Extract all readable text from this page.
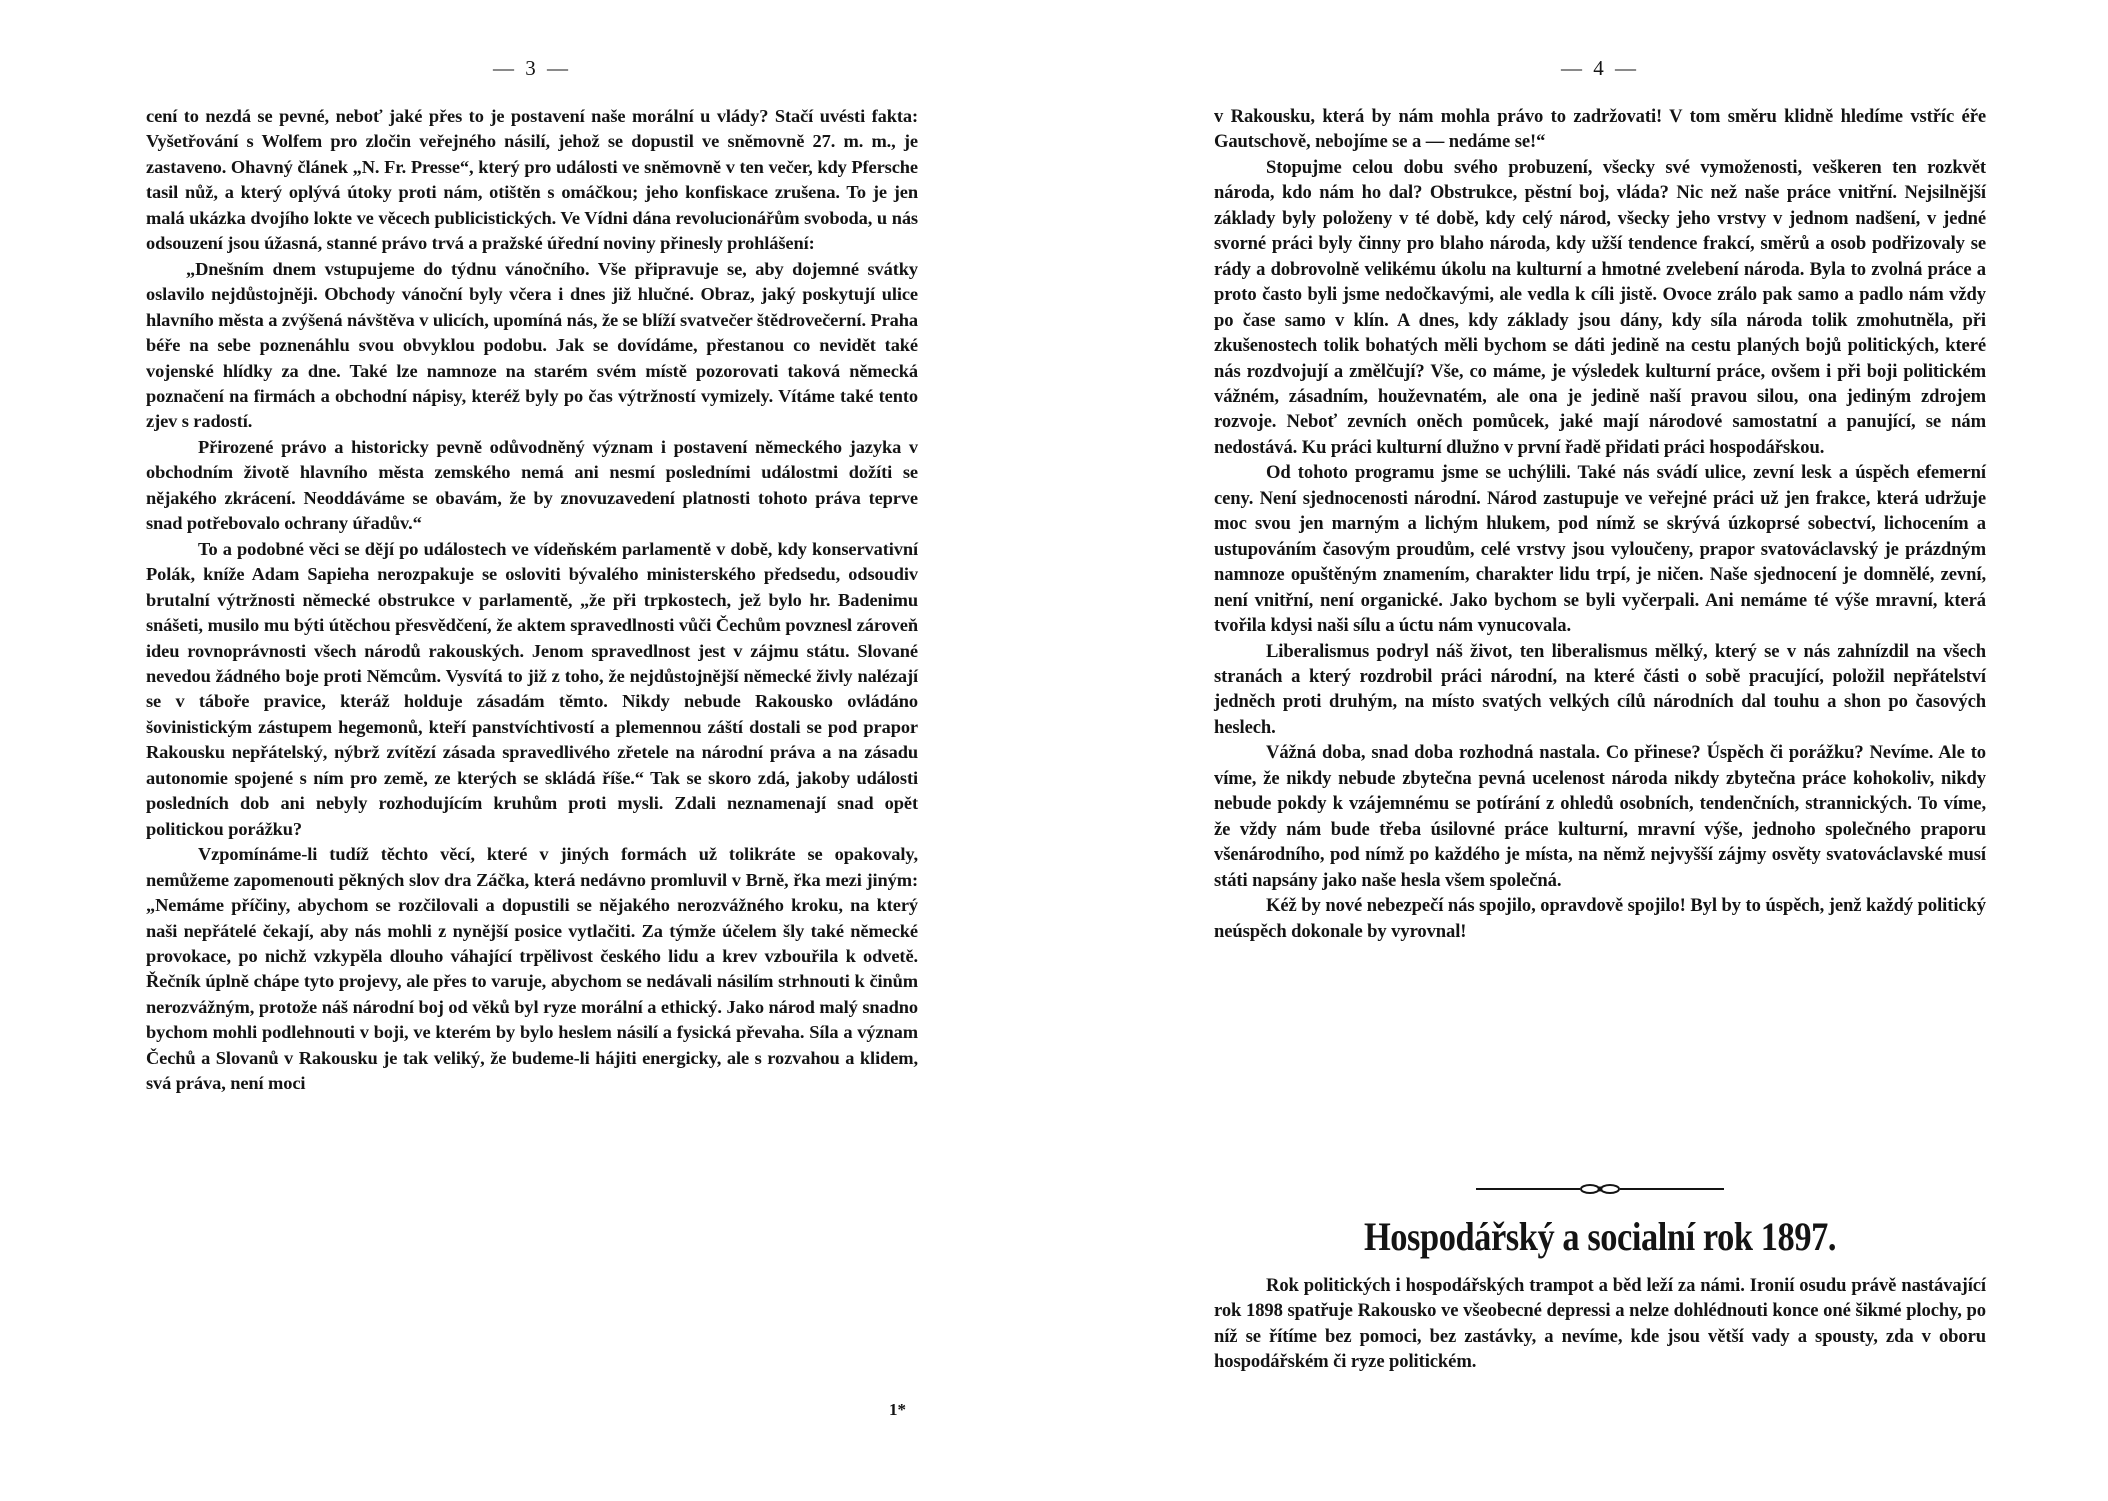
— 3 —

cení to nezdá se pevné, neboť jaké přes to je postavení naše morální u vlády? Stačí uvésti fakta: Vyšetřování s Wolfem pro zločin veřejného násilí, jehož se dopustil ve sněmovně 27. m. m., je zastaveno. Ohavný článek „N. Fr. Presse“, který pro události ve sněmovně v ten večer, kdy Pfersche tasil nůž, a který oplývá útoky proti nám, otištěn s omáčkou; jeho konfiskace zrušena. To je jen malá ukázka dvojího lokte ve věcech publicistických. Ve Vídni dána revolucionářům svoboda, u nás odsouzení jsou úžasná, stanné právo trvá a pražské úřední noviny přinesly prohlášení:

„Dnešním dnem vstupujeme do týdnu vánočního. Vše připravuje se, aby dojemné svátky oslavilo nejdůstojněji. Obchody vánoční byly včera i dnes již hlučné. Obraz, jaký poskytují ulice hlavního města a zvýšená návštěva v ulicích, upomíná nás, že se blíží svatvečer štědrovečerní. Praha béře na sebe poznenáhlu svou obvyklou podobu. Jak se dovídáme, přestanou co nevidět také vojenské hlídky za dne. Také lze namnoze na starém svém místě pozorovati taková německá poznačení na firmách a obchodní nápisy, kteréž byly po čas výtržností vymizely. Vítáme také tento zjev s radostí.

Přirozené právo a historicky pevně odůvodněný význam i postavení německého jazyka v obchodním životě hlavního města zemského nemá ani nesmí posledními událostmi dožíti se nějakého zkrácení. Neoddáváme se obavám, že by znovuzavedení platnosti tohoto práva teprve snad potřebovalo ochrany úřadův.“

To a podobné věci se dějí po událostech ve vídeňském parlamentě v době, kdy konservativní Polák, kníže Adam Sapieha nerozpakuje se osloviti bývalého ministerského předsedu, odsoudiv brutalní výtržnosti německé obstrukce v parlamentě, „že při trpkostech, jež bylo hr. Badenimu snášeti, musilo mu býti útěchou přesvědčení, že aktem spravedlnosti vůči Čechům povznesl zároveň ideu rovnoprávnosti všech národů rakouských. Jenom spravedlnost jest v zájmu státu. Slované nevedou žádného boje proti Němcům. Vysvítá to již z toho, že nejdůstojnější německé živly nalézají se v táboře pravice, kteráž holduje zásadám těmto. Nikdy nebude Rakousko ovládáno šovinistickým zástupem hegemonů, kteří panstvíchtivostí a plemennou záští dostali se pod prapor Rakousku nepřátelský, nýbrž zvítězí zásada spravedlivého zřetele na národní práva a na zásadu autonomie spojené s ním pro země, ze kterých se skládá říše.“ Tak se skoro zdá, jakoby události posledních dob ani nebyly rozhodujícím kruhům proti mysli. Zdali neznamenají snad opět politickou porážku?

Vzpomínáme-li tudíž těchto věcí, které v jiných formách už tolikráte se opakovaly, nemůžeme zapomenouti pěkných slov dra Záčka, která nedávno promluvil v Brně, řka mezi jiným: „Nemáme příčiny, abychom se rozčilovali a dopustili se nějakého nerozvážného kroku, na který naši nepřátelé čekají, aby nás mohli z nynější posice vytlačiti. Za týmže účelem šly také německé provokace, po nichž vzkypěla dlouho váhající trpělivost českého lidu a krev vzbouřila k odvetě. Řečník úplně chápe tyto projevy, ale přes to varuje, abychom se nedávali násilím strhnouti k činům nerozvážným, protože náš národní boj od věků byl ryze morální a ethický. Jako národ malý snadno bychom mohli podlehnouti v boji, ve kterém by bylo heslem násilí a fysická převaha. Síla a význam Čechů a Slovanů v Rakousku je tak veliký, že budeme-li hájiti energicky, ale s rozvahou a klidem, svá práva, není moci

1*
— 4 —

v Rakousku, která by nám mohla právo to zadržovati! V tom směru klidně hledíme vstříc éře Gautschově, nebojíme se a — nedáme se!“

Stopujme celou dobu svého probuzení, všecky své vymoženosti, veškeren ten rozkvět národa, kdo nám ho dal? Obstrukce, pěstní boj, vláda? Nic než naše práce vnitřní. Nejsilnější základy byly položeny v té době, kdy celý národ, všecky jeho vrstvy v jednom nadšení, v jedné svorné práci byly činny pro blaho národa, kdy užší tendence frakcí, směrů a osob podřizovaly se rády a dobrovolně velikému úkolu na kulturní a hmotné zvelebení národa. Byla to zvolná práce a proto často byli jsme nedočkavými, ale vedla k cíli jistě. Ovoce zrálo pak samo a padlo nám vždy po čase samo v klín. A dnes, kdy základy jsou dány, kdy síla národa tolik zmohutněla, při zkušenostech tolik bohatých měli bychom se dáti jedině na cestu planých bojů politických, které nás rozdvojují a změlčují? Vše, co máme, je výsledek kulturní práce, ovšem i při boji politickém vážném, zásadním, houževnatém, ale ona je jedině naší pravou silou, ona jediným zdrojem rozvoje. Neboť zevních oněch pomůcek, jaké mají národové samostatní a panující, se nám nedostává. Ku práci kulturní dlužno v první řadě přidati práci hospodářskou.

Od tohoto programu jsme se uchýlili. Také nás svádí ulice, zevní lesk a úspěch efemerní ceny. Není sjednocenosti národní. Národ zastupuje ve veřejné práci už jen frakce, která udržuje moc svou jen marným a lichým hlukem, pod nímž se skrývá úzkoprsé sobectví, lichocením a ustupováním časovým proudům, celé vrstvy jsou vyloučeny, prapor svatováclavský je prázdným namnoze opuštěným znamením, charakter lidu trpí, je ničen. Naše sjednocení je domnělé, zevní, není vnitřní, není organické. Jako bychom se byli vyčerpali. Ani nemáme té výše mravní, která tvořila kdysi naši sílu a úctu nám vynucovala.

Liberalismus podryl náš život, ten liberalismus mělký, který se v nás zahnízdil na všech stranách a který rozdrobil práci národní, na které části o sobě pracující, položil nepřátelství jedněch proti druhým, na místo svatých velkých cílů národních dal touhu a shon po časových heslech.

Vážná doba, snad doba rozhodná nastala. Co přinese? Úspěch či porážku? Nevíme. Ale to víme, že nikdy nebude zbytečna pevná ucelenost národa nikdy zbytečna práce kohokoliv, nikdy nebude pokdy k vzájemnému se potírání z ohledů osobních, tendenčních, strannických. To víme, že vždy nám bude třeba úsilovné práce kulturní, mravní výše, jednoho společného praporu všenárodního, pod nímž po každého je místa, na němž nejvyšší zájmy osvěty svatováclavské musí státi napsány jako naše hesla všem společná.

Kéž by nové nebezpečí nás spojilo, opravdově spojilo! Byl by to úspěch, jenž každý politický neúspěch dokonale by vyrovnal!

Hospodářský a socialní rok 1897.

Rok politických i hospodářských trampot a běd leží za námi. Ironií osudu právě nastávající rok 1898 spatřuje Rakousko ve všeobecné depressi a nelze dohlédnouti konce oné šikmé plochy, po níž se řítíme bez pomoci, bez zastávky, a nevíme, kde jsou větší vady a spousty, zda v oboru hospodářském či ryze politickém.
